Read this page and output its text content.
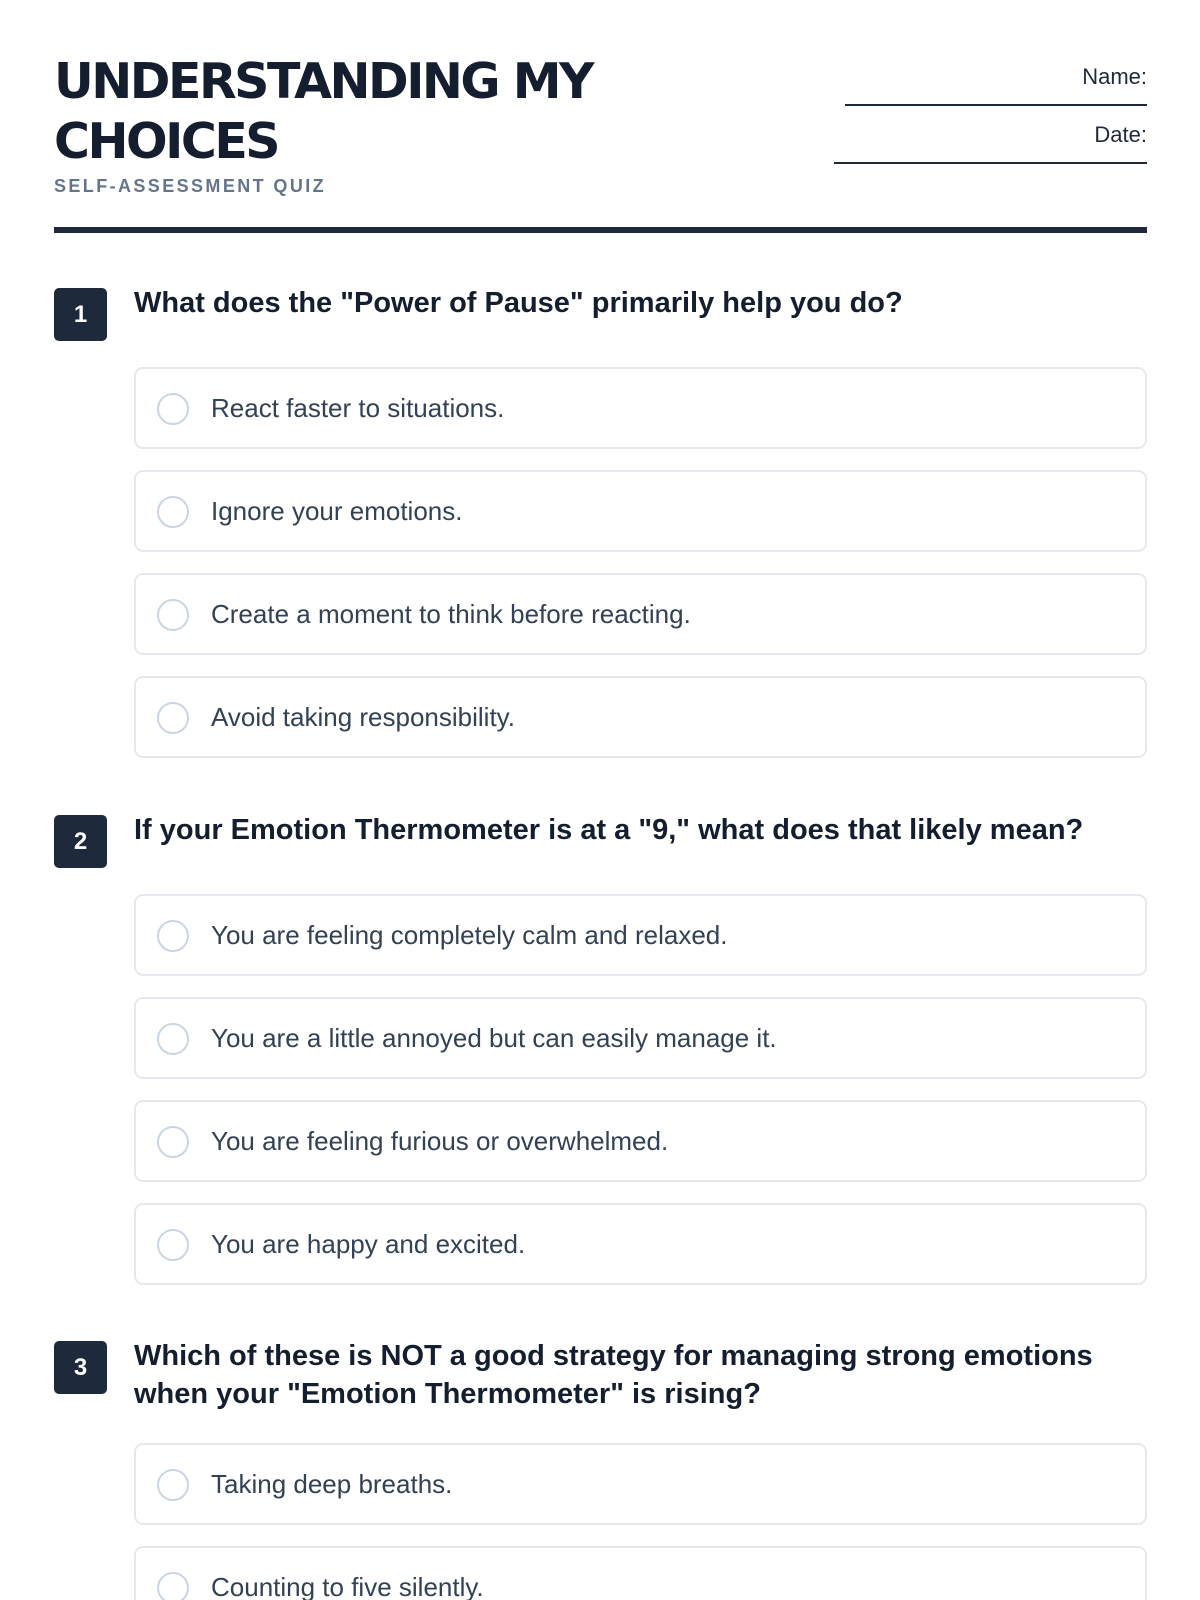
UNDERSTANDING MY CHOICES
SELF-ASSESSMENT QUIZ
Name:
Date:
1	What does the "Power of Pause" primarily help you do?
React faster to situations.
Ignore your emotions.
Create a moment to think before reacting.
Avoid taking responsibility.
2	If your Emotion Thermometer is at a "9," what does that likely mean?
You are feeling completely calm and relaxed.
You are a little annoyed but can easily manage it.
You are feeling furious or overwhelmed.
You are happy and excited.
3	Which of these is NOT a good strategy for managing strong emotions when your "Emotion Thermometer" is rising?
Taking deep breaths.
Counting to five silently.
